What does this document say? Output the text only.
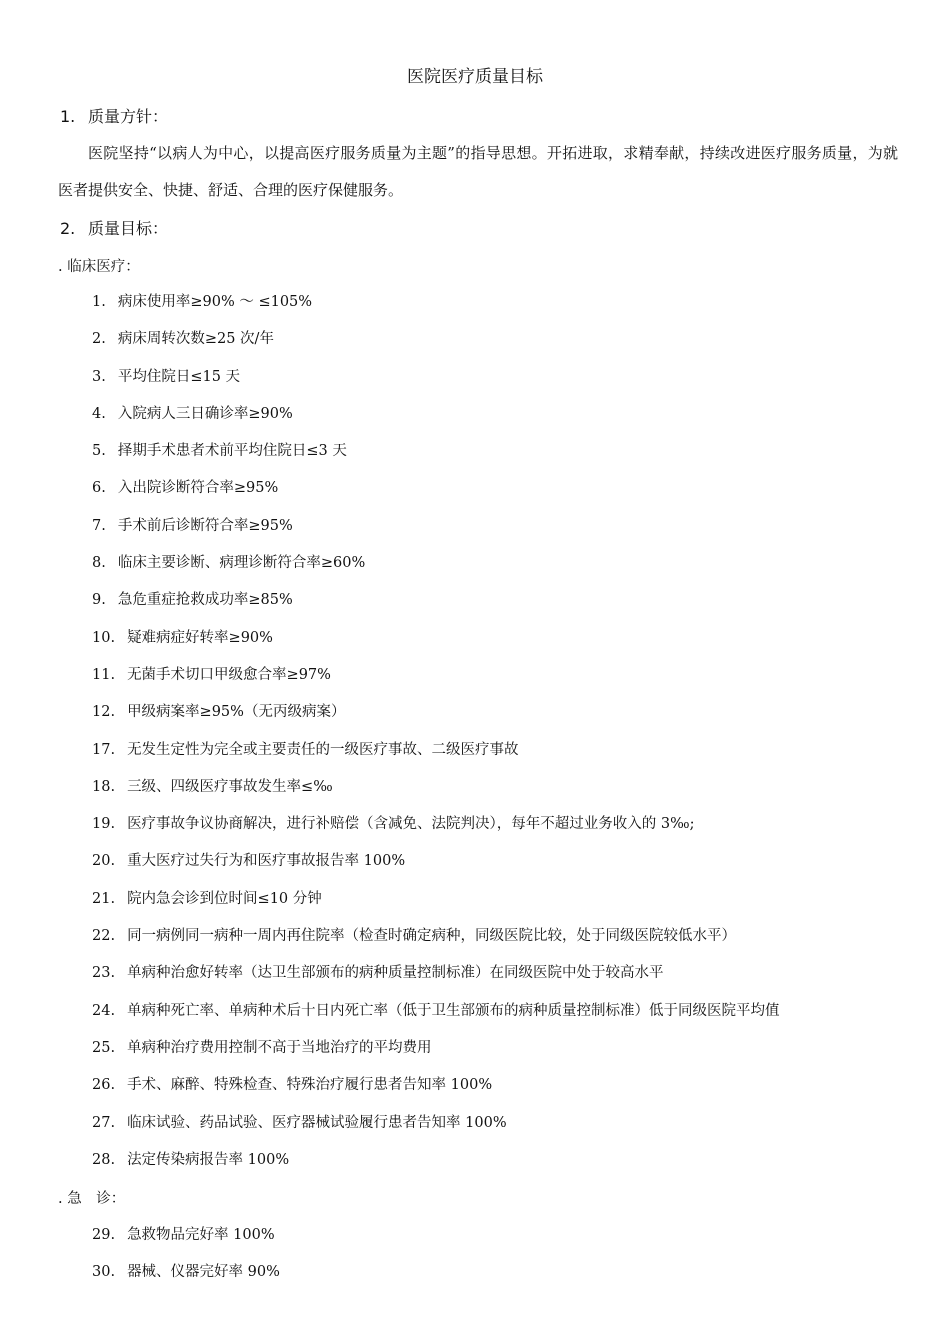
医院医疗质量目标
1. 质量方针：
医院坚持“以病人为中心，以提高医疗服务质量为主题”的指导思想。开拓进取，求精奉献，持续改进医疗服务质量，为就医者提供安全、快捷、舒适、合理的医疗保健服务。
2. 质量目标：
. 临床医疗：
1. 病床使用率≥90% ～ ≤105%
2. 病床周转次数≥25 次/年
3. 平均住院日≤15 天
4. 入院病人三日确诊率≥90%
5. 择期手术患者术前平均住院日≤3 天
6. 入出院诊断符合率≥95%
7. 手术前后诊断符合率≥95%
8. 临床主要诊断、病理诊断符合率≥60%
9. 急危重症抢救成功率≥85%
10. 疑难病症好转率≥90%
11. 无菌手术切口甲级愈合率≥97%
12. 甲级病案率≥95%（无丙级病案）
17. 无发生定性为完全或主要责任的一级医疗事故、二级医疗事故
18. 三级、四级医疗事故发生率≤‰
19. 医疗事故争议协商解决，进行补赔偿（含减免、法院判决），每年不超过业务收入的 3‰;
20. 重大医疗过失行为和医疗事故报告率 100%
21. 院内急会诊到位时间≤10 分钟
22. 同一病例同一病种一周内再住院率（检查时确定病种，同级医院比较，处于同级医院较低水平）
23. 单病种治愈好转率（达卫生部颁布的病种质量控制标准）在同级医院中处于较高水平
24. 单病种死亡率、单病种术后十日内死亡率（低于卫生部颁布的病种质量控制标准）低于同级医院平均值
25. 单病种治疗费用控制不高于当地治疗的平均费用
26. 手术、麻醉、特殊检查、特殊治疗履行患者告知率 100%
27. 临床试验、药品试验、医疗器械试验履行患者告知率 100%
28. 法定传染病报告率 100%
. 急　诊：
29. 急救物品完好率 100%
30. 器械、仪器完好率 90%
